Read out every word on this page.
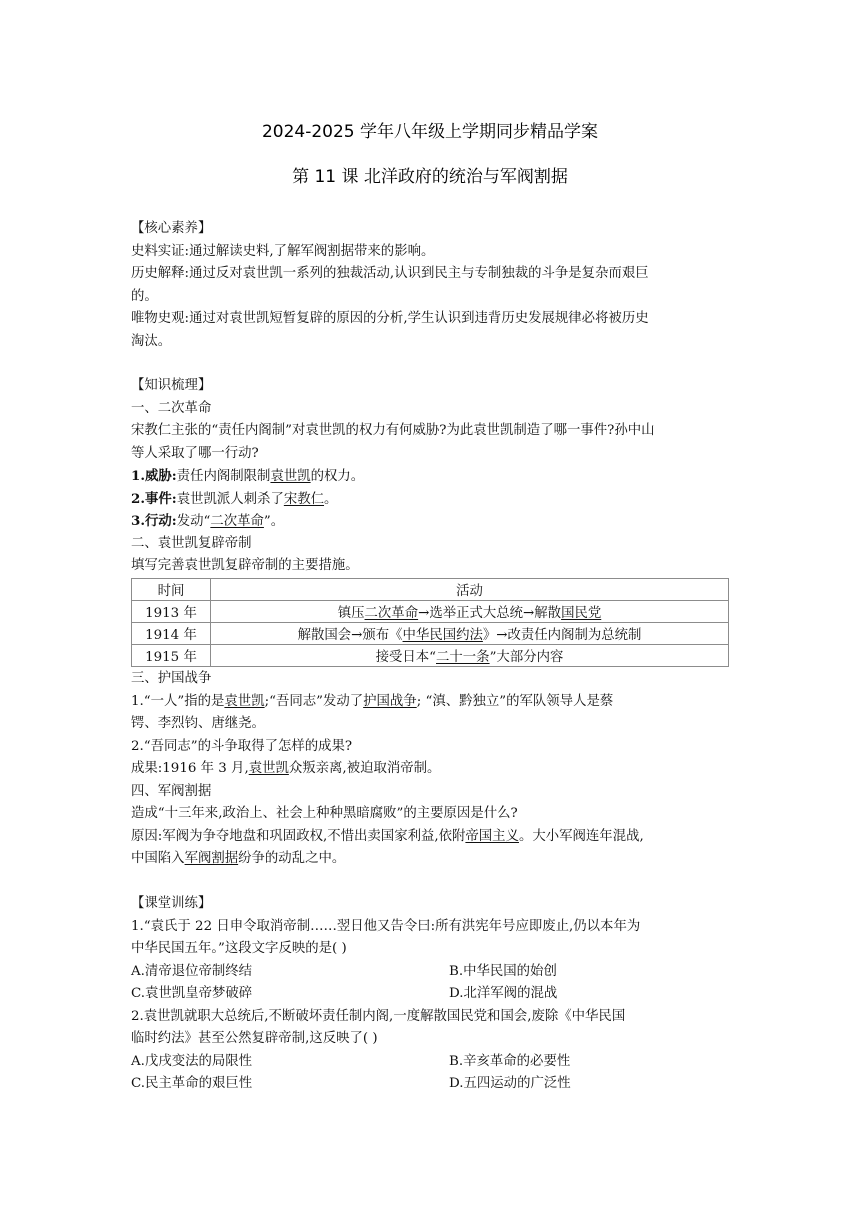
2024-2025 学年八年级上学期同步精品学案
第 11 课 北洋政府的统治与军阀割据
【核心素养】
史料实证:通过解读史料,了解军阀割据带来的影响。
历史解释:通过反对袁世凯一系列的独裁活动,认识到民主与专制独裁的斗争是复杂而艰巨
的。
唯物史观:通过对袁世凯短暂复辟的原因的分析,学生认识到违背历史发展规律必将被历史
淘汰。
【知识梳理】
一、二次革命
宋教仁主张的“责任内阁制”对袁世凯的权力有何威胁?为此袁世凯制造了哪一事件?孙中山
等人采取了哪一行动?
1.威胁:责任内阁制限制袁世凯的权力。
2.事件:袁世凯派人刺杀了宋教仁。
3.行动:发动“二次革命”。
二、袁世凯复辟帝制
填写完善袁世凯复辟帝制的主要措施。
时间	活动
1913 年	镇压二次革命→选举正式大总统→解散国民党
1914 年	解散国会→颁布《中华民国约法》→改责任内阁制为总统制
1915 年	接受日本“二十一条”大部分内容
三、护国战争
1.“一人”指的是袁世凯;“吾同志”发动了护国战争; “滇、黔独立”的军队领导人是蔡
锷、李烈钧、唐继尧。
2.“吾同志”的斗争取得了怎样的成果?
成果:1916 年 3 月,袁世凯众叛亲离,被迫取消帝制。
四、军阀割据
造成“十三年来,政治上、社会上种种黑暗腐败”的主要原因是什么?
原因:军阀为争夺地盘和巩固政权,不惜出卖国家利益,依附帝国主义。大小军阀连年混战,
中国陷入军阀割据纷争的动乱之中。
【课堂训练】
1.“袁氏于 22 日申令取消帝制……翌日他又告令曰:所有洪宪年号应即废止,仍以本年为
中华民国五年。”这段文字反映的是( )
A.清帝退位帝制终结	B.中华民国的始创
C.袁世凯皇帝梦破碎	D.北洋军阀的混战
2.袁世凯就职大总统后,不断破坏责任制内阁,一度解散国民党和国会,废除《中华民国
临时约法》甚至公然复辟帝制,这反映了( )
A.戊戌变法的局限性	B.辛亥革命的必要性
C.民主革命的艰巨性	D.五四运动的广泛性
